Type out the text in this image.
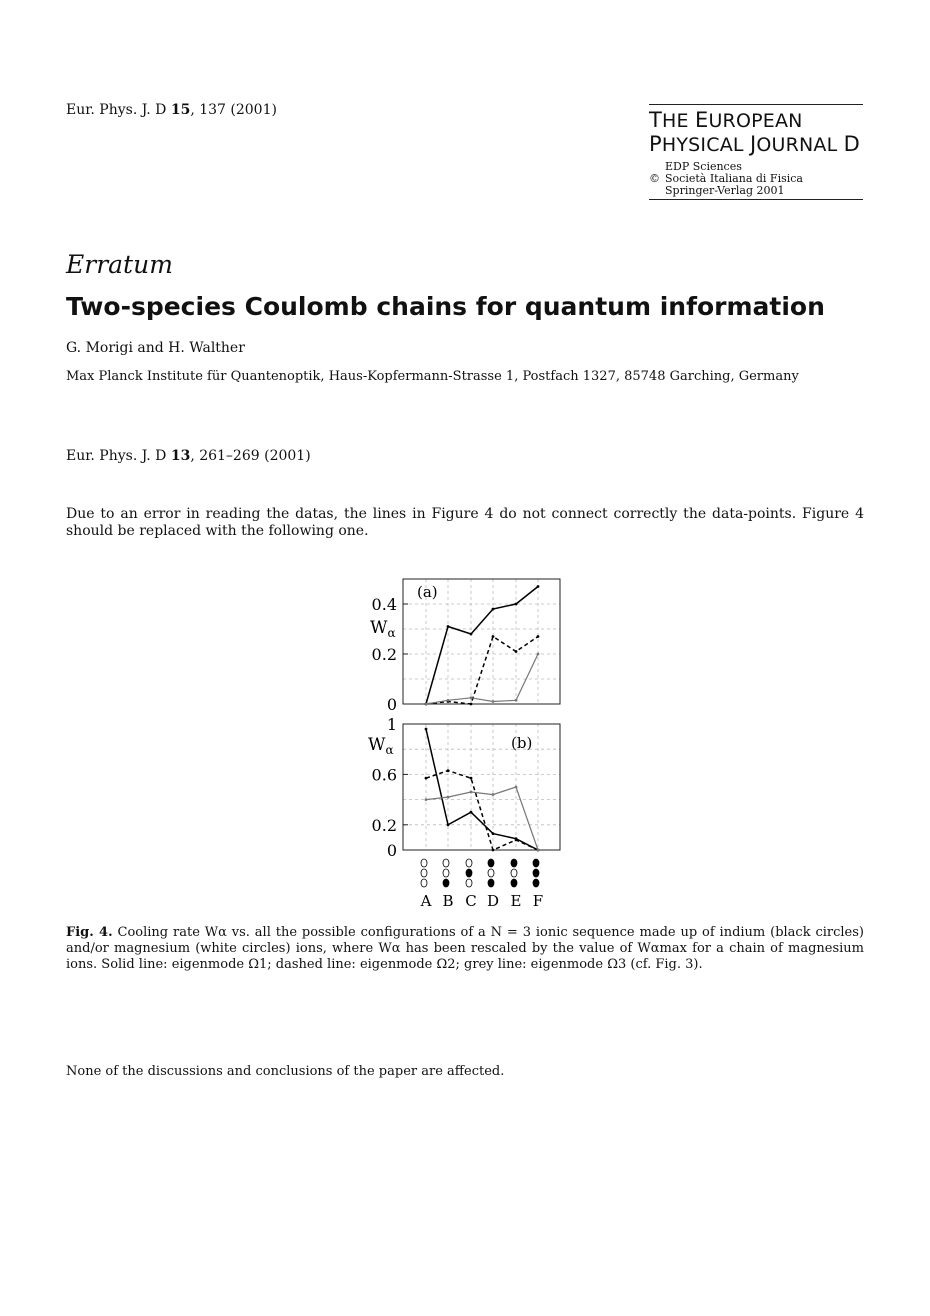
Eur. Phys. J. D 15, 137 (2001)	THE EUROPEAN
PHYSICAL JOURNAL D
EDP Sciences
© Società Italiana di Fisica
Springer-Verlag 2001
Erratum
Two-species Coulomb chains for quantum information
G. Morigi and H. Walther
Max Planck Institute für Quantenoptik, Haus-Kopfermann-Strasse 1, Postfach 1327, 85748 Garching, Germany
Eur. Phys. J. D 13, 261–269 (2001)
Due to an error in reading the datas, the lines in Figure 4 do not connect correctly the data-points. Figure 4 should be replaced with the following one.
0
0.2
0.4
(a)
$W_\alpha$
0
0.2
0.6
1
(b)
$W_\alpha$
A B C D E F
Fig. 4. Cooling rate Wα vs. all the possible configurations of a N = 3 ionic sequence made up of indium (black circles) and/or magnesium (white circles) ions, where Wα has been rescaled by the value of Wαmax for a chain of magnesium ions. Solid line: eigenmode Ω1; dashed line: eigenmode Ω2; grey line: eigenmode Ω3 (cf. Fig. 3).
None of the discussions and conclusions of the paper are affected.
